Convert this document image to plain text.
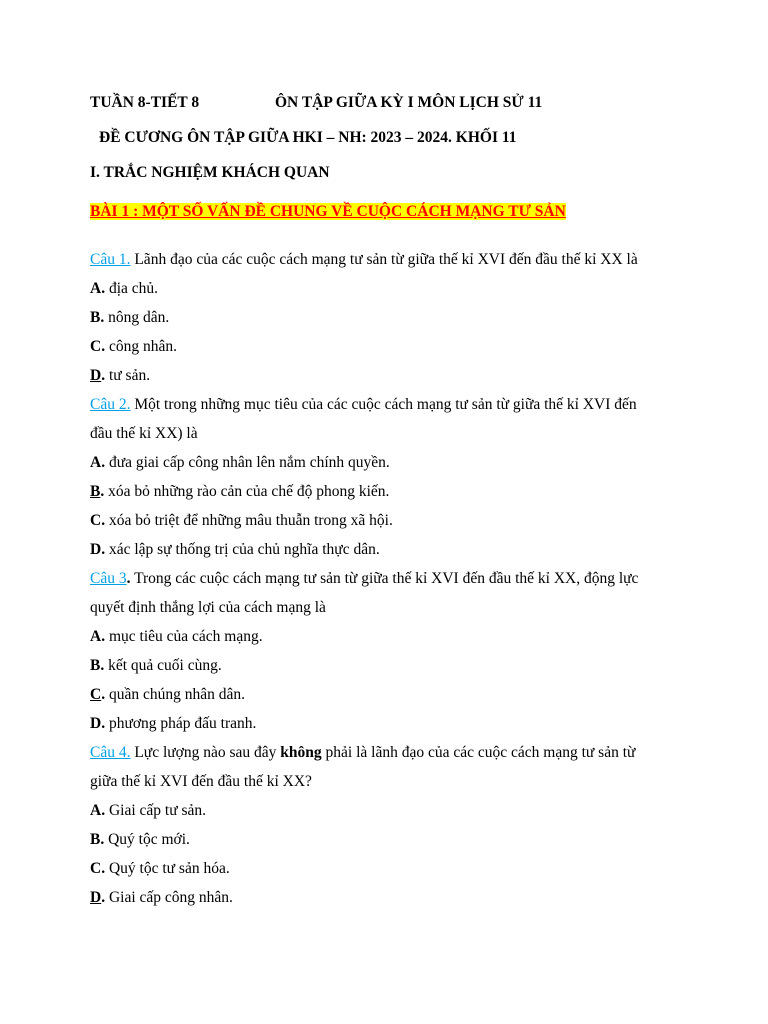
TUẦN 8-TIẾT 8	ÔN TẬP GIỮA KỲ I MÔN LỊCH SỬ 11
ĐỀ CƯƠNG ÔN TẬP GIỮA HKI – NH: 2023 – 2024. KHỐI 11
I. TRẮC NGHIỆM KHÁCH QUAN
BÀI 1 : MỘT SỐ VẤN ĐỀ CHUNG VỀ CUỘC CÁCH MẠNG TƯ SẢN
Câu 1. Lãnh đạo của các cuộc cách mạng tư sản từ giữa thế kỉ XVI đến đầu thế kỉ XX là
A. địa chủ.
B. nông dân.
C. công nhân.
D. tư sản.
Câu 2. Một trong những mục tiêu của các cuộc cách mạng tư sản từ giữa thế kỉ XVI đến
đầu thế kỉ XX) là
A. đưa giai cấp công nhân lên nắm chính quyền.
B. xóa bỏ những rào cản của chế độ phong kiến.
C. xóa bỏ triệt để những mâu thuẫn trong xã hội.
D. xác lập sự thống trị của chủ nghĩa thực dân.
Câu 3. Trong các cuộc cách mạng tư sản từ giữa thế kỉ XVI đến đầu thế kỉ XX, động lực
quyết định thắng lợi của cách mạng là
A. mục tiêu của cách mạng.
B. kết quả cuối cùng.
C. quần chúng nhân dân.
D. phương pháp đấu tranh.
Câu 4. Lực lượng nào sau đây không phải là lãnh đạo của các cuộc cách mạng tư sản từ
giữa thế kỉ XVI đến đầu thế kỉ XX?
A. Giai cấp tư sản.
B. Quý tộc mới.
C. Quý tộc tư sản hóa.
D. Giai cấp công nhân.
